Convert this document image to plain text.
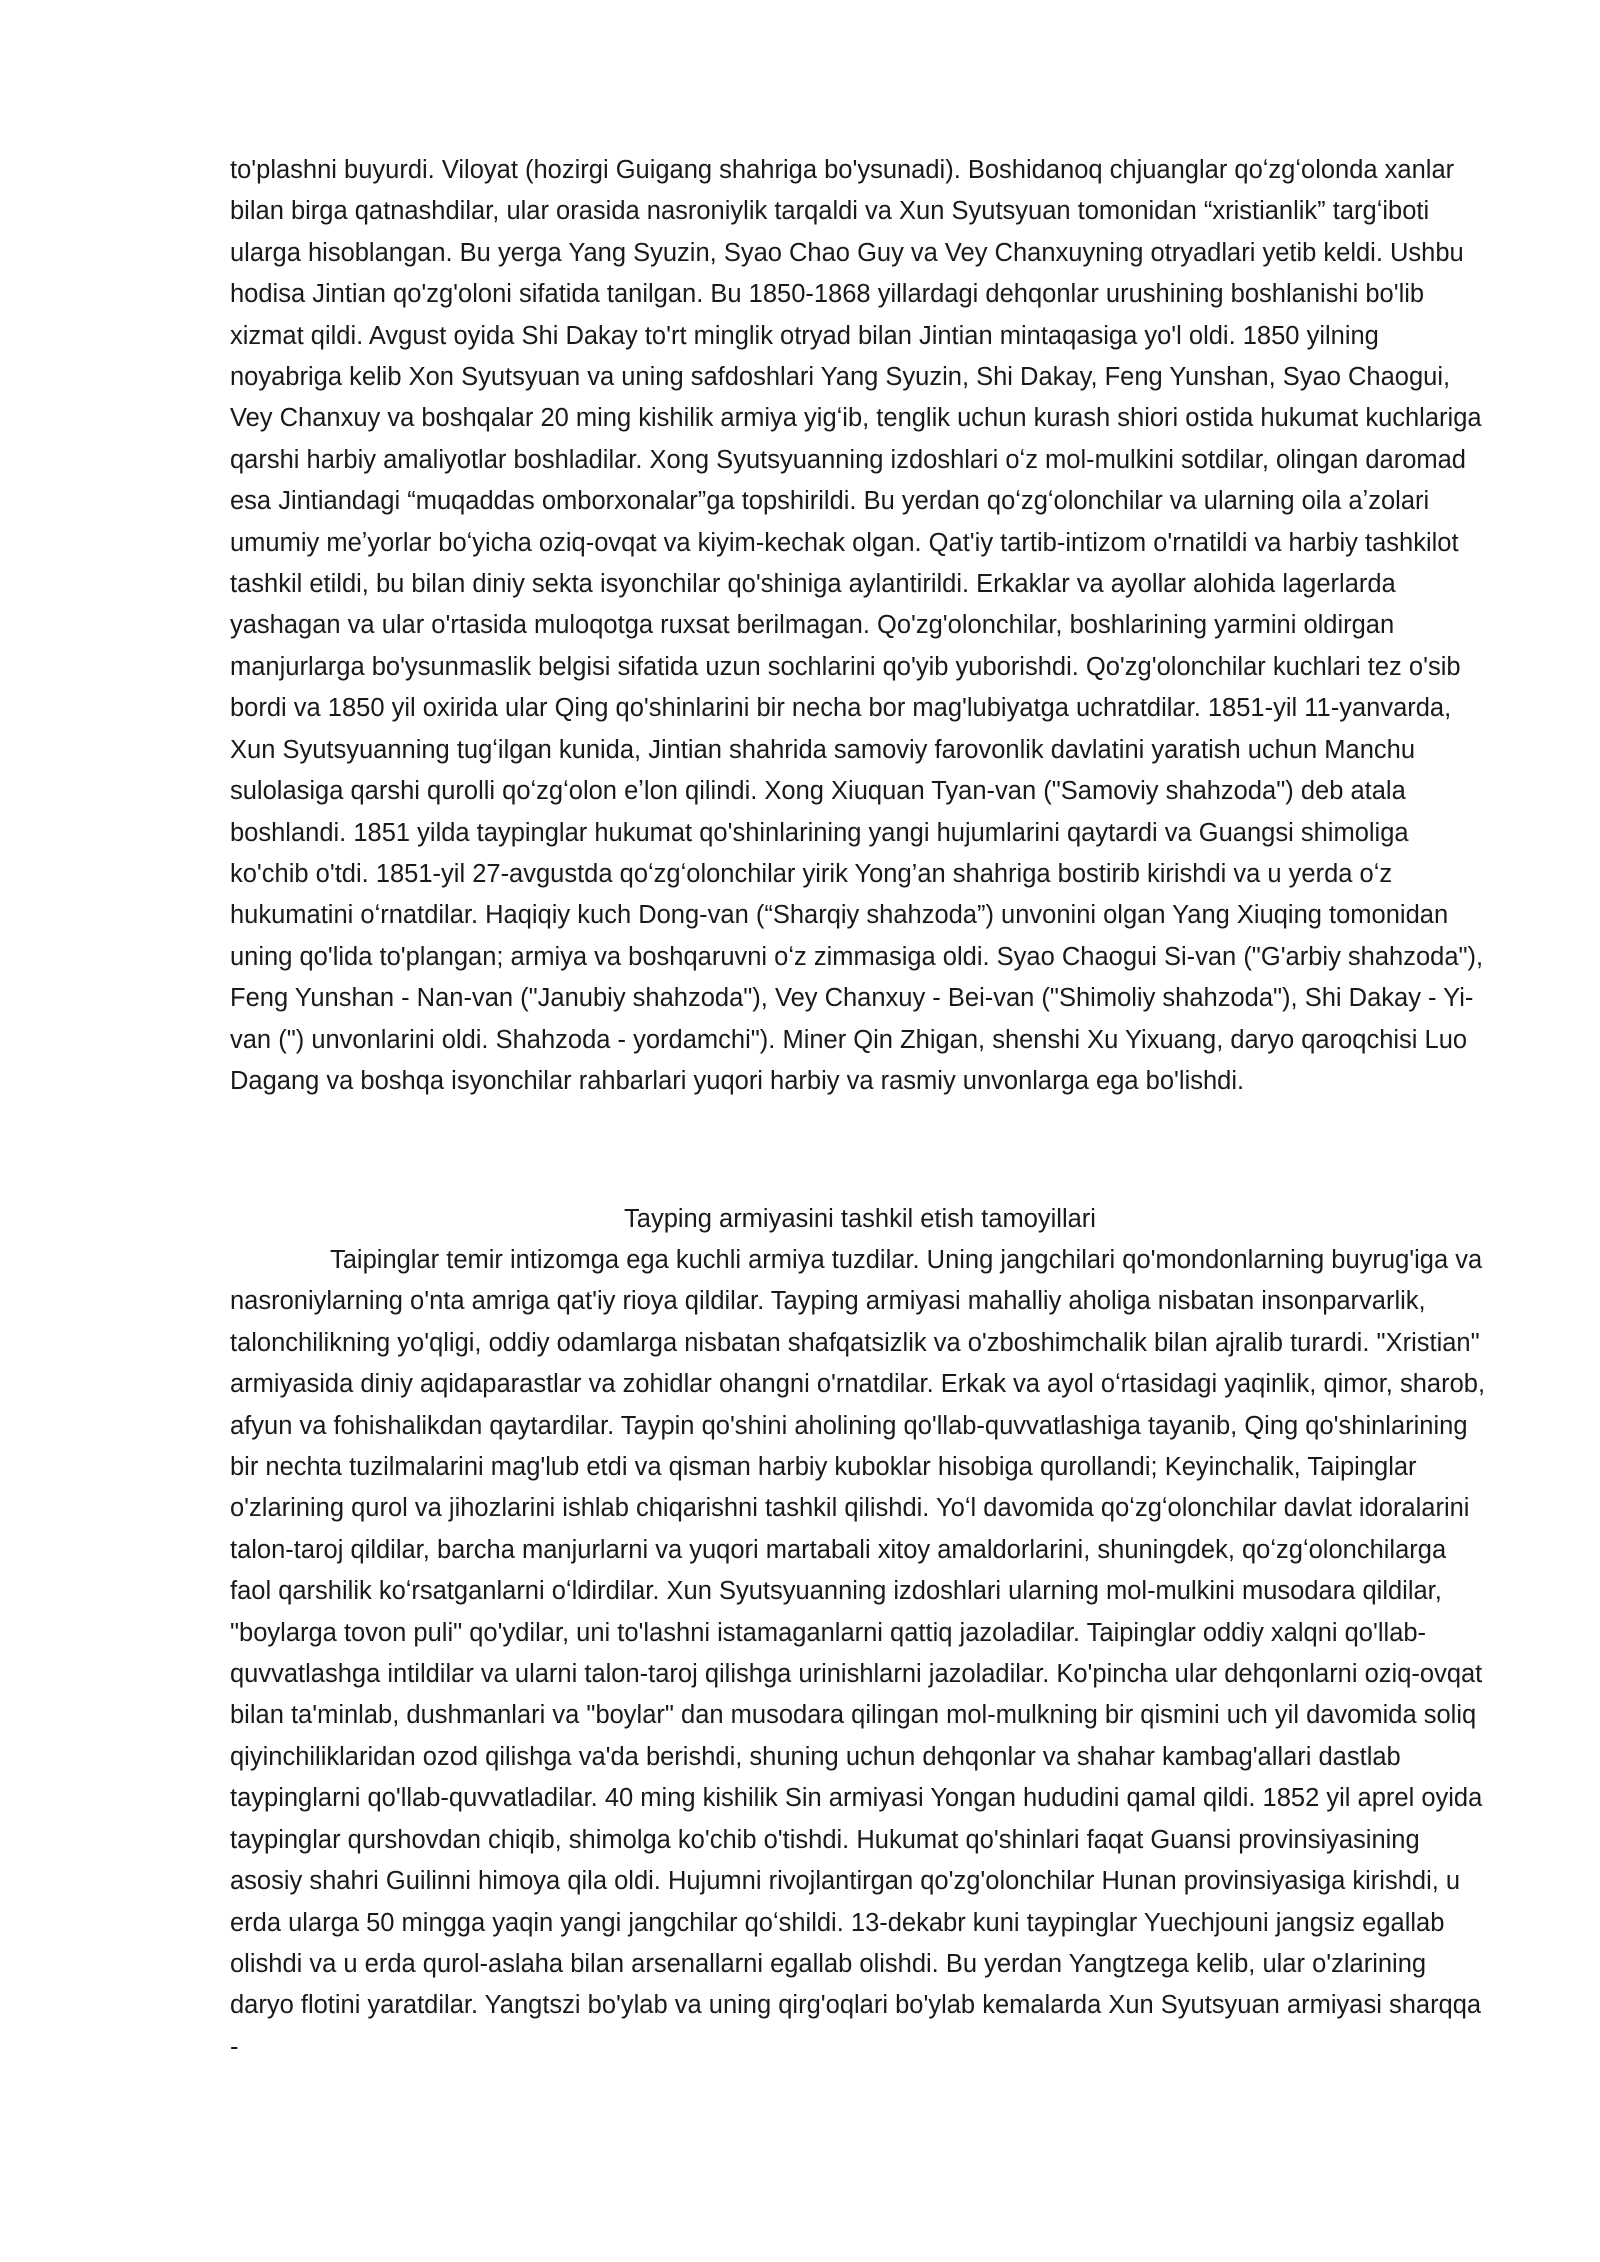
to'plashni buyurdi. Viloyat (hozirgi Guigang shahriga bo'ysunadi). Boshidanoq chjuanglar qoʻzgʻolonda xanlar bilan birga qatnashdilar, ular orasida nasroniylik tarqaldi va Xun Syutsyuan tomonidan “xristianlik” targʻiboti ularga hisoblangan. Bu yerga Yang Syuzin, Syao Chao Guy va Vey Chanxuyning otryadlari yetib keldi. Ushbu hodisa Jintian qo'zg'oloni sifatida tanilgan. Bu 1850-1868 yillardagi dehqonlar urushining boshlanishi bo'lib xizmat qildi. Avgust oyida Shi Dakay to'rt minglik otryad bilan Jintian mintaqasiga yo'l oldi. 1850 yilning noyabriga kelib Xon Syutsyuan va uning safdoshlari Yang Syuzin, Shi Dakay, Feng Yunshan, Syao Chaogui, Vey Chanxuy va boshqalar 20 ming kishilik armiya yigʻib, tenglik uchun kurash shiori ostida hukumat kuchlariga qarshi harbiy amaliyotlar boshladilar. Xong Syutsyuanning izdoshlari oʻz mol-mulkini sotdilar, olingan daromad esa Jintiandagi “muqaddas omborxonalar”ga topshirildi. Bu yerdan qoʻzgʻolonchilar va ularning oila aʼzolari umumiy meʼyorlar boʻyicha oziq-ovqat va kiyim-kechak olgan. Qat'iy tartib-intizom o'rnatildi va harbiy tashkilot tashkil etildi, bu bilan diniy sekta isyonchilar qo'shiniga aylantirildi. Erkaklar va ayollar alohida lagerlarda yashagan va ular o'rtasida muloqotga ruxsat berilmagan. Qo'zg'olonchilar, boshlarining yarmini oldirgan manjurlarga bo'ysunmaslik belgisi sifatida uzun sochlarini qo'yib yuborishdi. Qo'zg'olonchilar kuchlari tez o'sib bordi va 1850 yil oxirida ular Qing qo'shinlarini bir necha bor mag'lubiyatga uchratdilar. 1851-yil 11-yanvarda, Xun Syutsyuanning tugʻilgan kunida, Jintian shahrida samoviy farovonlik davlatini yaratish uchun Manchu sulolasiga qarshi qurolli qoʻzgʻolon eʼlon qilindi. Xong Xiuquan Tyan-van ("Samoviy shahzoda") deb atala boshlandi. 1851 yilda taypinglar hukumat qo'shinlarining yangi hujumlarini qaytardi va Guangsi shimoliga ko'chib o'tdi. 1851-yil 27-avgustda qoʻzgʻolonchilar yirik Yong’an shahriga bostirib kirishdi va u yerda oʻz hukumatini oʻrnatdilar. Haqiqiy kuch Dong-van (“Sharqiy shahzoda”) unvonini olgan Yang Xiuqing tomonidan uning qo'lida to'plangan; armiya va boshqaruvni oʻz zimmasiga oldi. Syao Chaogui Si-van ("G'arbiy shahzoda"), Feng Yunshan - Nan-van ("Janubiy shahzoda"), Vey Chanxuy - Bei-van ("Shimoliy shahzoda"), Shi Dakay - Yi-van (") unvonlarini oldi. Shahzoda - yordamchi"). Miner Qin Zhigan, shenshi Xu Yixuang, daryo qaroqchisi Luo Dagang va boshqa isyonchilar rahbarlari yuqori harbiy va rasmiy unvonlarga ega bo'lishdi.

Tayping armiyasini tashkil etish tamoyillari

Taipinglar temir intizomga ega kuchli armiya tuzdilar. Uning jangchilari qo'mondonlarning buyrug'iga va nasroniylarning o'nta amriga qat'iy rioya qildilar. Tayping armiyasi mahalliy aholiga nisbatan insonparvarlik, talonchilikning yo'qligi, oddiy odamlarga nisbatan shafqatsizlik va o'zboshimchalik bilan ajralib turardi. "Xristian" armiyasida diniy aqidaparastlar va zohidlar ohangni o'rnatdilar. Erkak va ayol oʻrtasidagi yaqinlik, qimor, sharob, afyun va fohishalikdan qaytardilar. Taypin qo'shini aholining qo'llab-quvvatlashiga tayanib, Qing qo'shinlarining bir nechta tuzilmalarini mag'lub etdi va qisman harbiy kuboklar hisobiga qurollandi; Keyinchalik, Taipinglar o'zlarining qurol va jihozlarini ishlab chiqarishni tashkil qilishdi. Yoʻl davomida qoʻzgʻolonchilar davlat idoralarini talon-taroj qildilar, barcha manjurlarni va yuqori martabali xitoy amaldorlarini, shuningdek, qoʻzgʻolonchilarga faol qarshilik koʻrsatganlarni oʻldirdilar. Xun Syutsyuanning izdoshlari ularning mol-mulkini musodara qildilar, "boylarga tovon puli" qo'ydilar, uni to'lashni istamaganlarni qattiq jazoladilar. Taipinglar oddiy xalqni qo'llab-quvvatlashga intildilar va ularni talon-taroj qilishga urinishlarni jazoladilar. Ko'pincha ular dehqonlarni oziq-ovqat bilan ta'minlab, dushmanlari va "boylar" dan musodara qilingan mol-mulkning bir qismini uch yil davomida soliq qiyinchiliklaridan ozod qilishga va'da berishdi, shuning uchun dehqonlar va shahar kambag'allari dastlab taypinglarni qo'llab-quvvatladilar. 40 ming kishilik Sin armiyasi Yongan hududini qamal qildi. 1852 yil aprel oyida taypinglar qurshovdan chiqib, shimolga ko'chib o'tishdi. Hukumat qo'shinlari faqat Guansi provinsiyasining asosiy shahri Guilinni himoya qila oldi. Hujumni rivojlantirgan qo'zg'olonchilar Hunan provinsiyasiga kirishdi, u erda ularga 50 mingga yaqin yangi jangchilar qoʻshildi. 13-dekabr kuni taypinglar Yuechjouni jangsiz egallab olishdi va u erda qurol-aslaha bilan arsenallarni egallab olishdi. Bu yerdan Yangtzega kelib, ular o'zlarining daryo flotini yaratdilar. Yangtszi bo'ylab va uning qirg'oqlari bo'ylab kemalarda Xun Syutsyuan armiyasi sharqqa -
